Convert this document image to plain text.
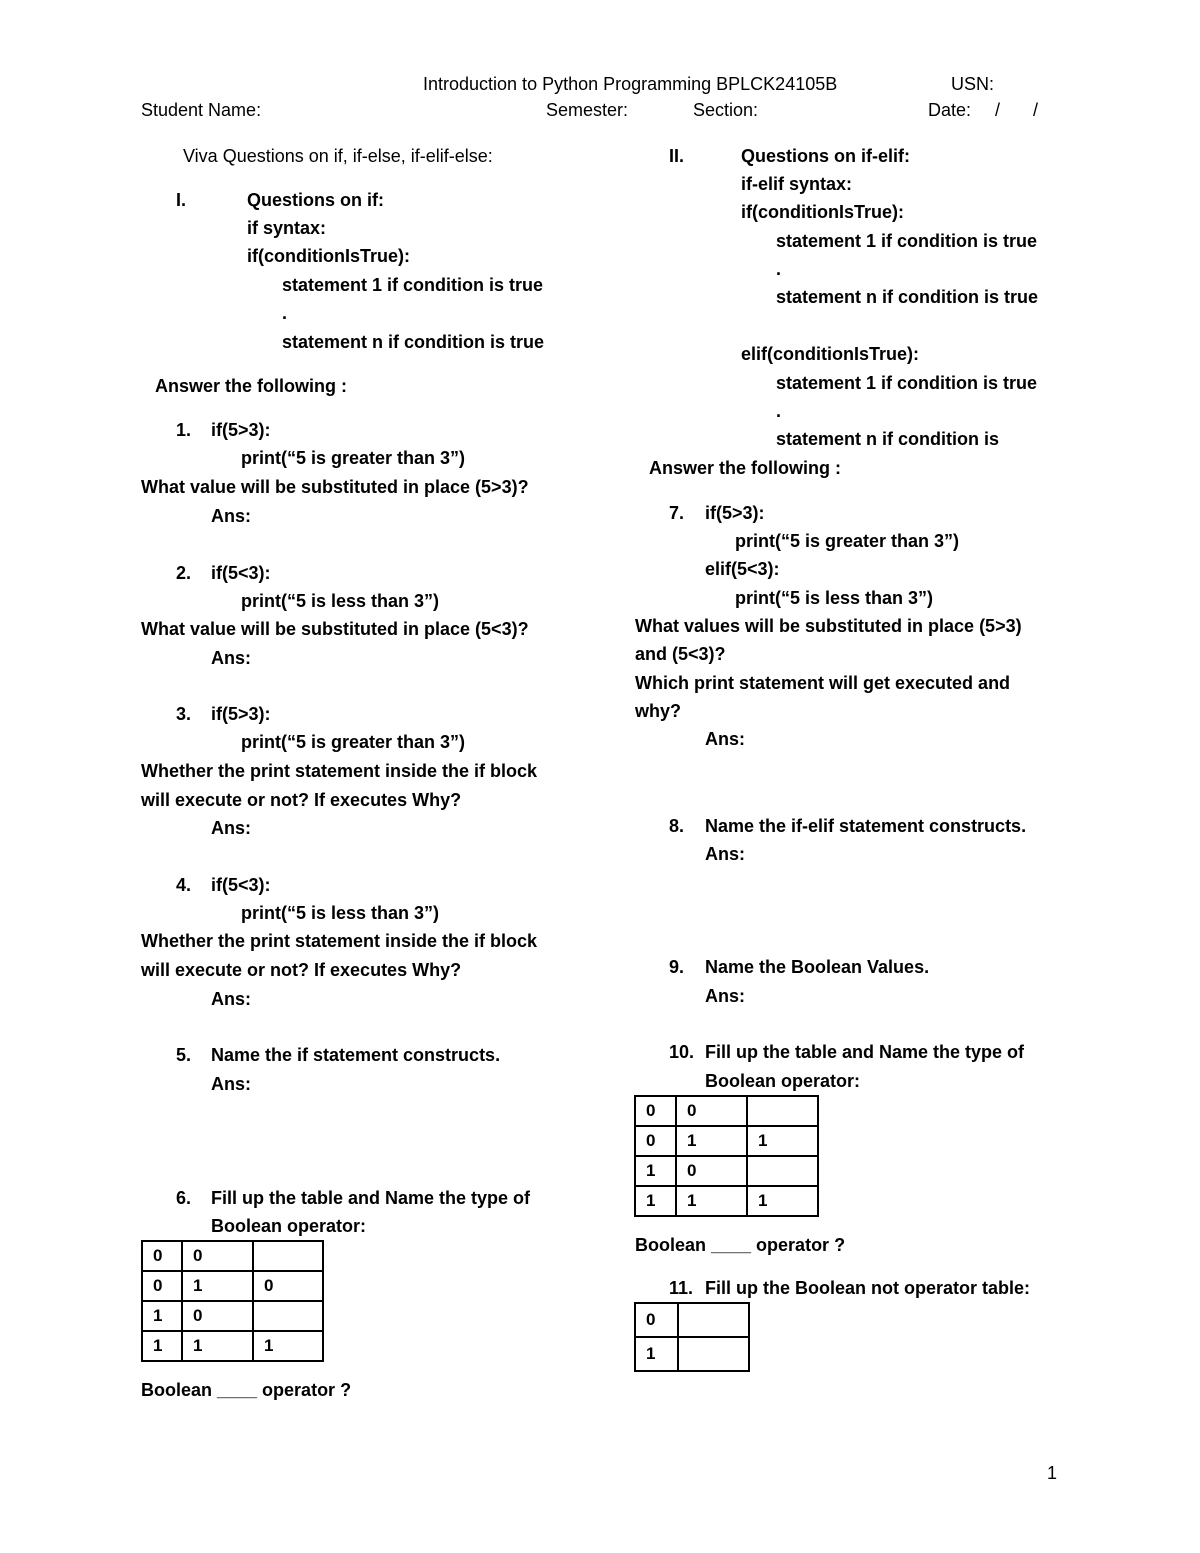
Introduction to Python Programming BPLCK24105B	USN:
Student Name:	Semester:	Section:	Date: / /
Viva Questions on if, if-else, if-elif-else:
I.	Questions on if:
if syntax:
if(conditionIsTrue):
statement 1 if condition is true
.
statement n if condition is true
Answer the following :
1. if(5>3):
print(“5 is greater than 3”)
What value will be substituted in place (5>3)?
Ans:
2. if(5<3):
print(“5 is less than 3”)
What value will be substituted in place (5<3)?
Ans:
3. if(5>3):
print(“5 is greater than 3”)
Whether the print statement inside the if block
will execute or not? If executes Why?
Ans:
4. if(5<3):
print(“5 is less than 3”)
Whether the print statement inside the if block
will execute or not? If executes Why?
Ans:
5. Name the if statement constructs.
Ans:
6. Fill up the table and Name the type of
Boolean operator:
0	0	
0	1	0
1	0	
1	1	1
Boolean ____ operator ?
II.	Questions on if-elif:
if-elif syntax:
if(conditionIsTrue):
statement 1 if condition is true
.
statement n if condition is true
elif(conditionIsTrue):
statement 1 if condition is true
.
statement n if condition is
Answer the following :
7. if(5>3):
print(“5 is greater than 3”)
elif(5<3):
print(“5 is less than 3”)
What values will be substituted in place (5>3)
and (5<3)?
Which print statement will get executed and
why?
Ans:
8. Name the if-elif statement constructs.
Ans:
9. Name the Boolean Values.
Ans:
10. Fill up the table and Name the type of
Boolean operator:
0	0	
0	1	1
1	0	
1	1	1
Boolean ____ operator ?
11. Fill up the Boolean not operator table:
0	
1	
1
